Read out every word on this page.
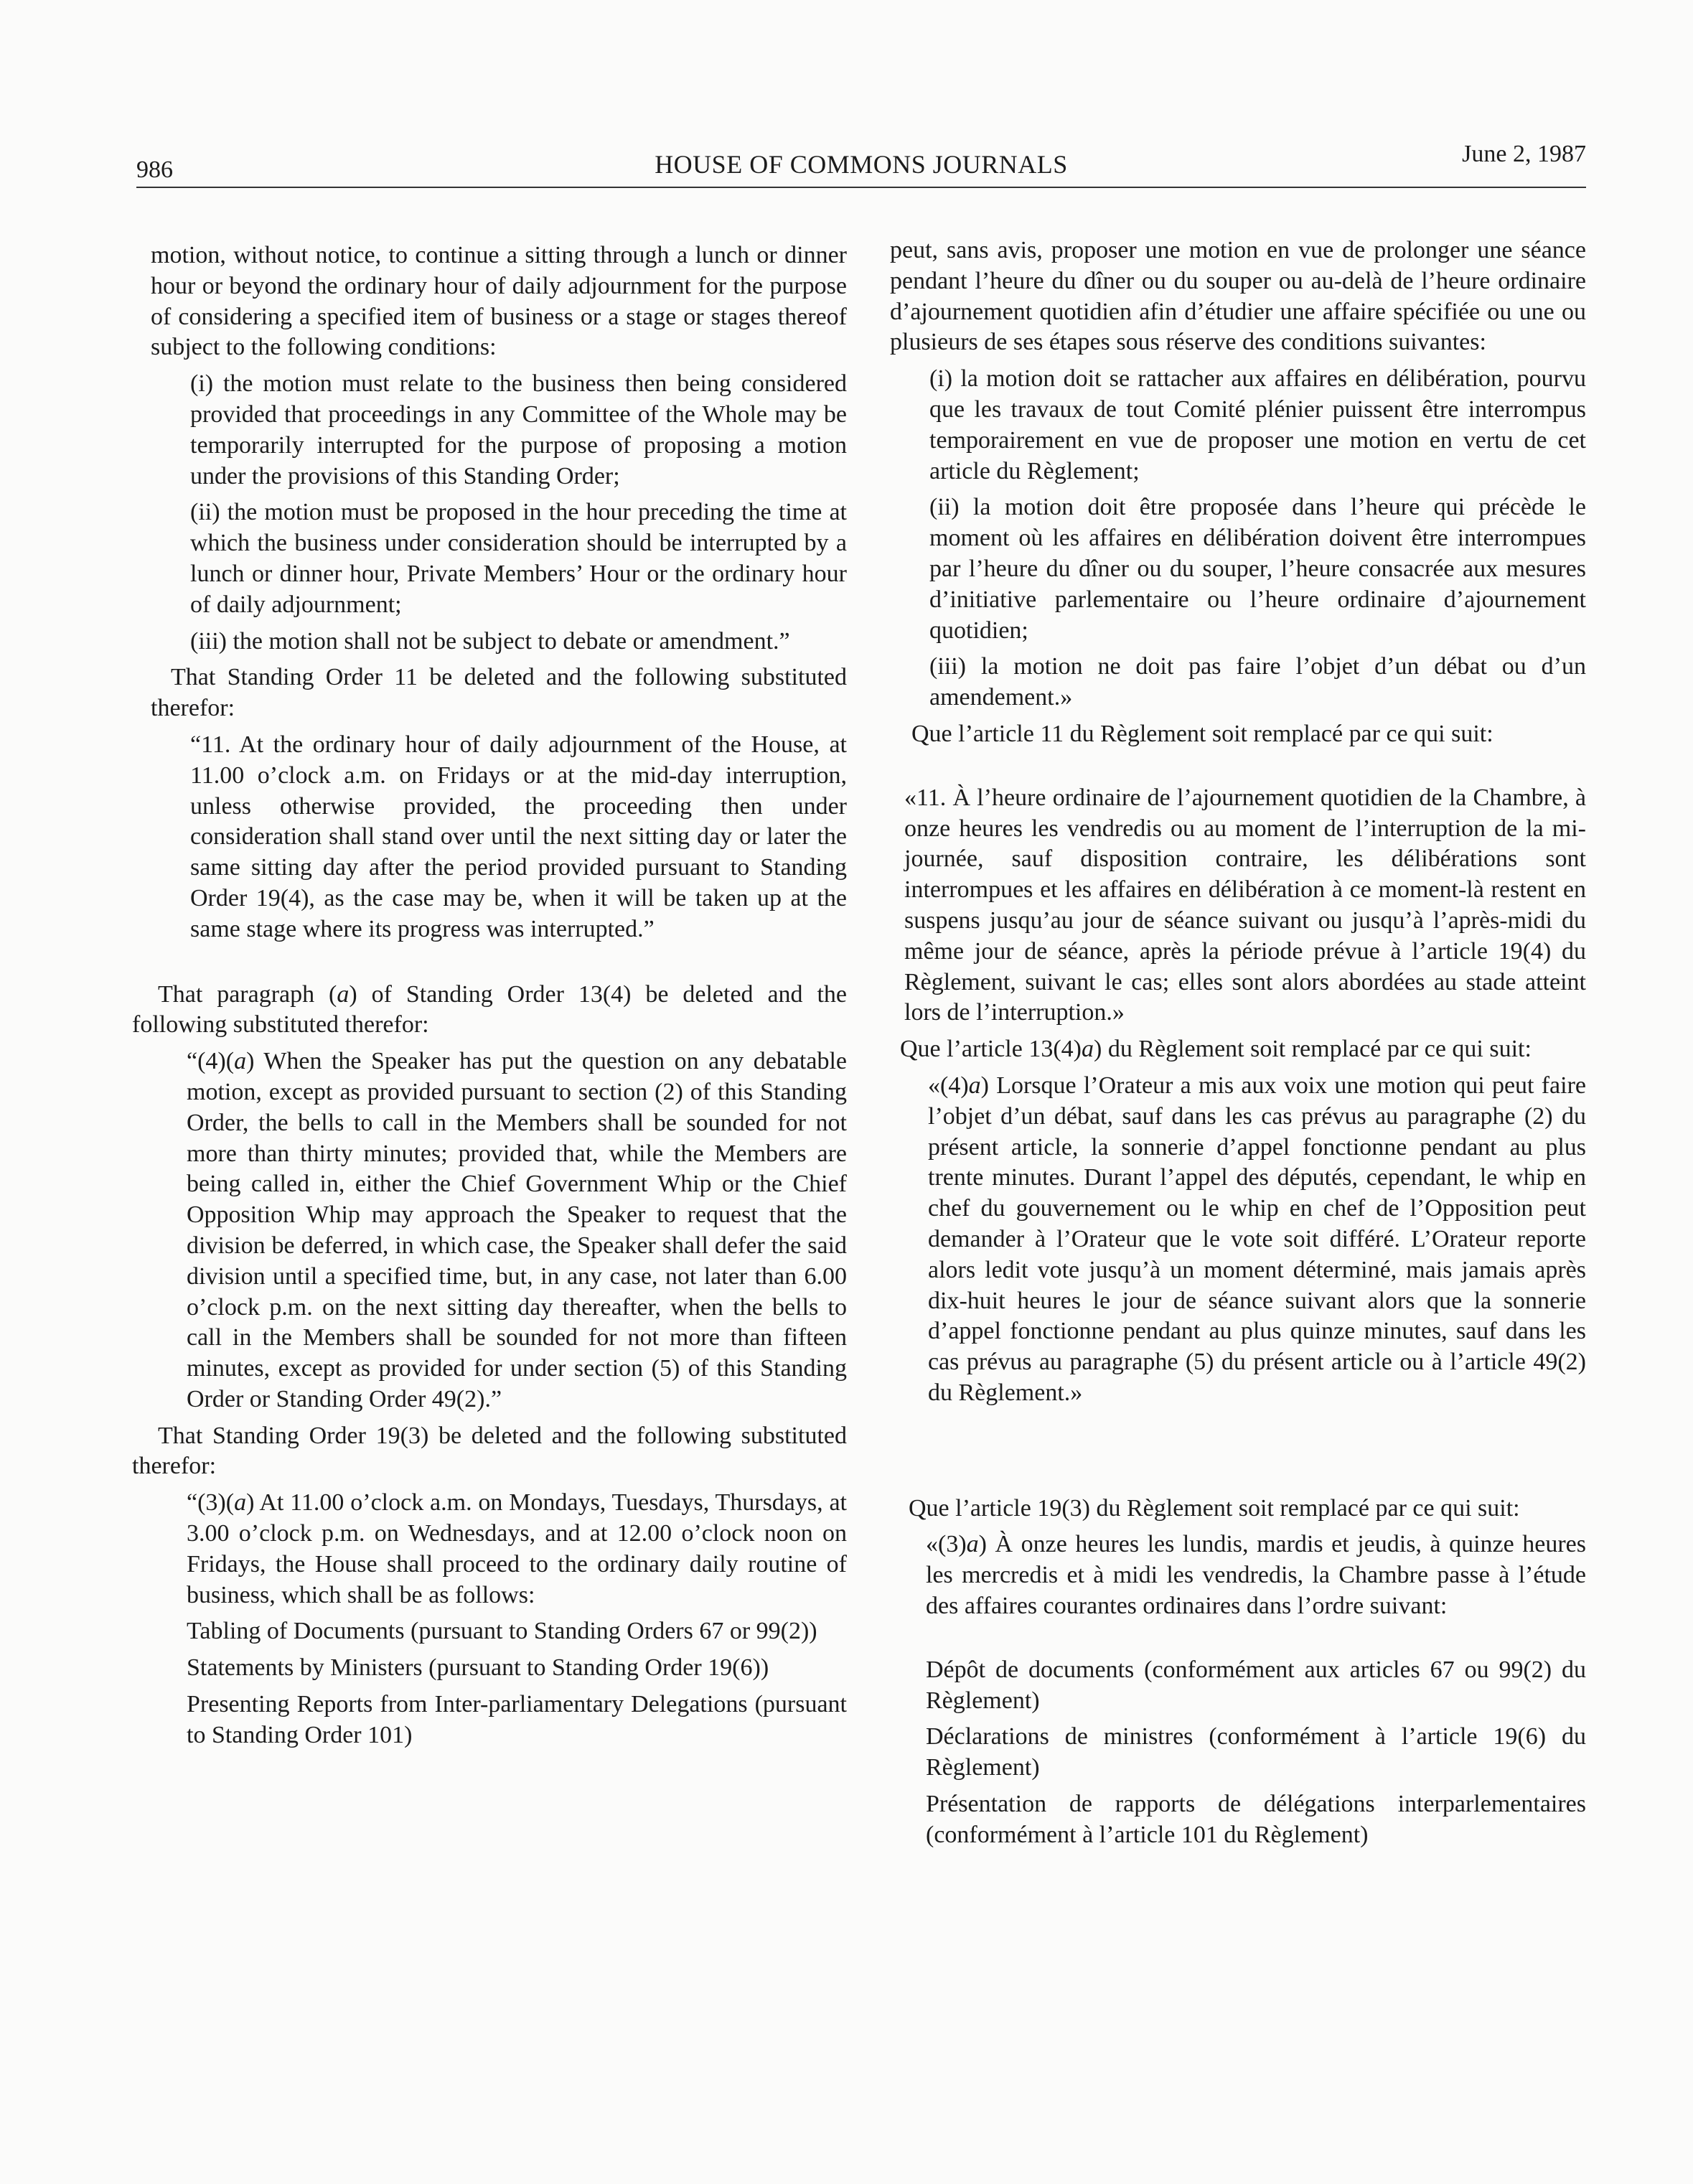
986	HOUSE OF COMMONS JOURNALS	June 2, 1987

motion, without notice, to continue a sitting through a lunch or dinner hour or beyond the ordinary hour of daily adjournment for the purpose of considering a specified item of business or a stage or stages thereof subject to the following conditions:

(i) the motion must relate to the business then being considered provided that proceedings in any Committee of the Whole may be temporarily interrupted for the purpose of proposing a motion under the provisions of this Standing Order;

(ii) the motion must be proposed in the hour preceding the time at which the business under consideration should be interrupted by a lunch or dinner hour, Private Members’ Hour or the ordinary hour of daily adjournment;

(iii) the motion shall not be subject to debate or amendment.”

That Standing Order 11 be deleted and the following substituted therefor:

“11. At the ordinary hour of daily adjournment of the House, at 11.00 o’clock a.m. on Fridays or at the mid-day interruption, unless otherwise provided, the proceeding then under consideration shall stand over until the next sitting day or later the same sitting day after the period provided pursuant to Standing Order 19(4), as the case may be, when it will be taken up at the same stage where its progress was interrupted.”

That paragraph (a) of Standing Order 13(4) be deleted and the following substituted therefor:

“(4)(a) When the Speaker has put the question on any debatable motion, except as provided pursuant to section (2) of this Standing Order, the bells to call in the Members shall be sounded for not more than thirty minutes; provided that, while the Members are being called in, either the Chief Government Whip or the Chief Opposition Whip may approach the Speaker to request that the division be deferred, in which case, the Speaker shall defer the said division until a specified time, but, in any case, not later than 6.00 o’clock p.m. on the next sitting day thereafter, when the bells to call in the Members shall be sounded for not more than fifteen minutes, except as provided for under section (5) of this Standing Order or Standing Order 49(2).”

That Standing Order 19(3) be deleted and the following substituted therefor:

“(3)(a) At 11.00 o’clock a.m. on Mondays, Tuesdays, Thursdays, at 3.00 o’clock p.m. on Wednesdays, and at 12.00 o’clock noon on Fridays, the House shall proceed to the ordinary daily routine of business, which shall be as follows:

Tabling of Documents (pursuant to Standing Orders 67 or 99(2))

Statements by Ministers (pursuant to Standing Order 19(6))

Presenting Reports from Inter-parliamentary Delegations (pursuant to Standing Order 101)

peut, sans avis, proposer une motion en vue de prolonger une séance pendant l’heure du dîner ou du souper ou au-delà de l’heure ordinaire d’ajournement quotidien afin d’étudier une affaire spécifiée ou une ou plusieurs de ses étapes sous réserve des conditions suivantes:

(i) la motion doit se rattacher aux affaires en délibération, pourvu que les travaux de tout Comité plénier puissent être interrompus temporairement en vue de proposer une motion en vertu de cet article du Règlement;

(ii) la motion doit être proposée dans l’heure qui précède le moment où les affaires en délibération doivent être interrompues par l’heure du dîner ou du souper, l’heure consacrée aux mesures d’initiative parlementaire ou l’heure ordinaire d’ajournement quotidien;

(iii) la motion ne doit pas faire l’objet d’un débat ou d’un amendement.»

Que l’article 11 du Règlement soit remplacé par ce qui suit:

«11. À l’heure ordinaire de l’ajournement quotidien de la Chambre, à onze heures les vendredis ou au moment de l’interruption de la mi-journée, sauf disposition contraire, les délibérations sont interrompues et les affaires en délibération à ce moment-là restent en suspens jusqu’au jour de séance suivant ou jusqu’à l’après-midi du même jour de séance, après la période prévue à l’article 19(4) du Règlement, suivant le cas; elles sont alors abordées au stade atteint lors de l’interruption.»

Que l’article 13(4)a) du Règlement soit remplacé par ce qui suit:

«(4)a) Lorsque l’Orateur a mis aux voix une motion qui peut faire l’objet d’un débat, sauf dans les cas prévus au paragraphe (2) du présent article, la sonnerie d’appel fonctionne pendant au plus trente minutes. Durant l’appel des députés, cependant, le whip en chef du gouvernement ou le whip en chef de l’Opposition peut demander à l’Orateur que le vote soit différé. L’Orateur reporte alors ledit vote jusqu’à un moment déterminé, mais jamais après dix-huit heures le jour de séance suivant alors que la sonnerie d’appel fonctionne pendant au plus quinze minutes, sauf dans les cas prévus au paragraphe (5) du présent article ou à l’article 49(2) du Règlement.»

Que l’article 19(3) du Règlement soit remplacé par ce qui suit:

«(3)a) À onze heures les lundis, mardis et jeudis, à quinze heures les mercredis et à midi les vendredis, la Chambre passe à l’étude des affaires courantes ordinaires dans l’ordre suivant:

Dépôt de documents (conformément aux articles 67 ou 99(2) du Règlement)

Déclarations de ministres (conformément à l’article 19(6) du Règlement)

Présentation de rapports de délégations interparlementaires (conformément à l’article 101 du Règlement)
